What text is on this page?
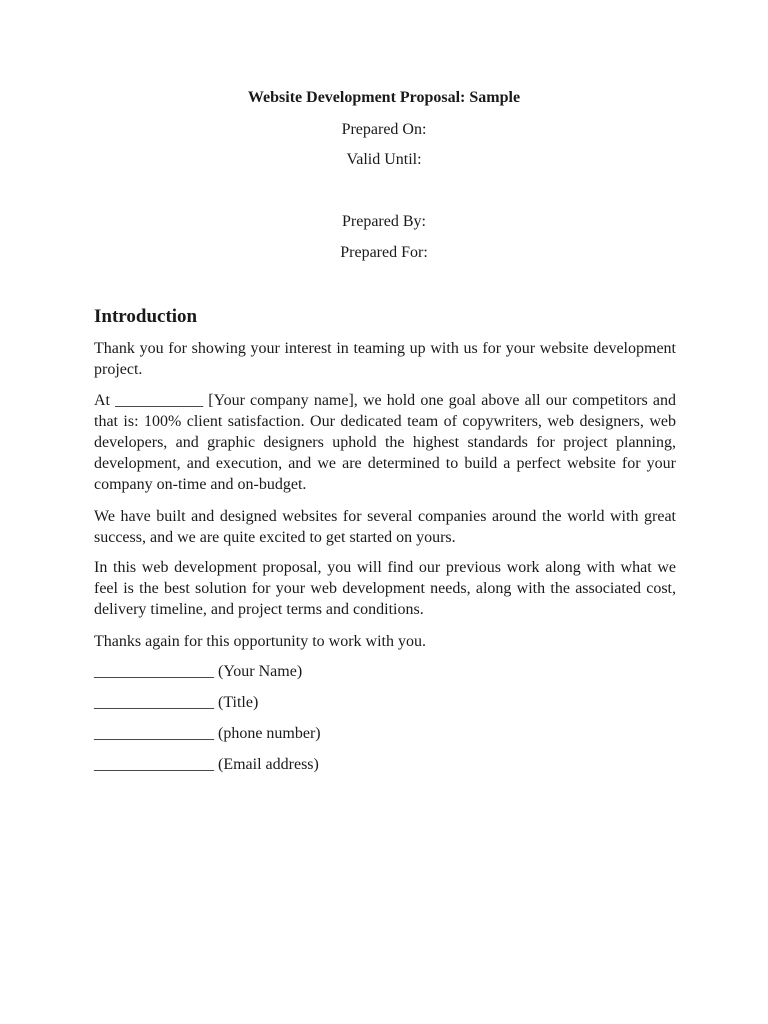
Website Development Proposal: Sample
Prepared On:
Valid Until:
Prepared By:
Prepared For:
Introduction

Thank you for showing your interest in teaming up with us for your website development project.

At ___________ [Your company name], we hold one goal above all our competitors and that is: 100% client satisfaction. Our dedicated team of copywriters, web designers, web developers, and graphic designers uphold the highest standards for project planning, development, and execution, and we are determined to build a perfect website for your company on-time and on-budget.

We have built and designed websites for several companies around the world with great success, and we are quite excited to get started on yours.

In this web development proposal, you will find our previous work along with what we feel is the best solution for your web development needs, along with the associated cost, delivery timeline, and project terms and conditions.

Thanks again for this opportunity to work with you.

_______________ (Your Name)
_______________ (Title)
_______________ (phone number)
_______________ (Email address)
